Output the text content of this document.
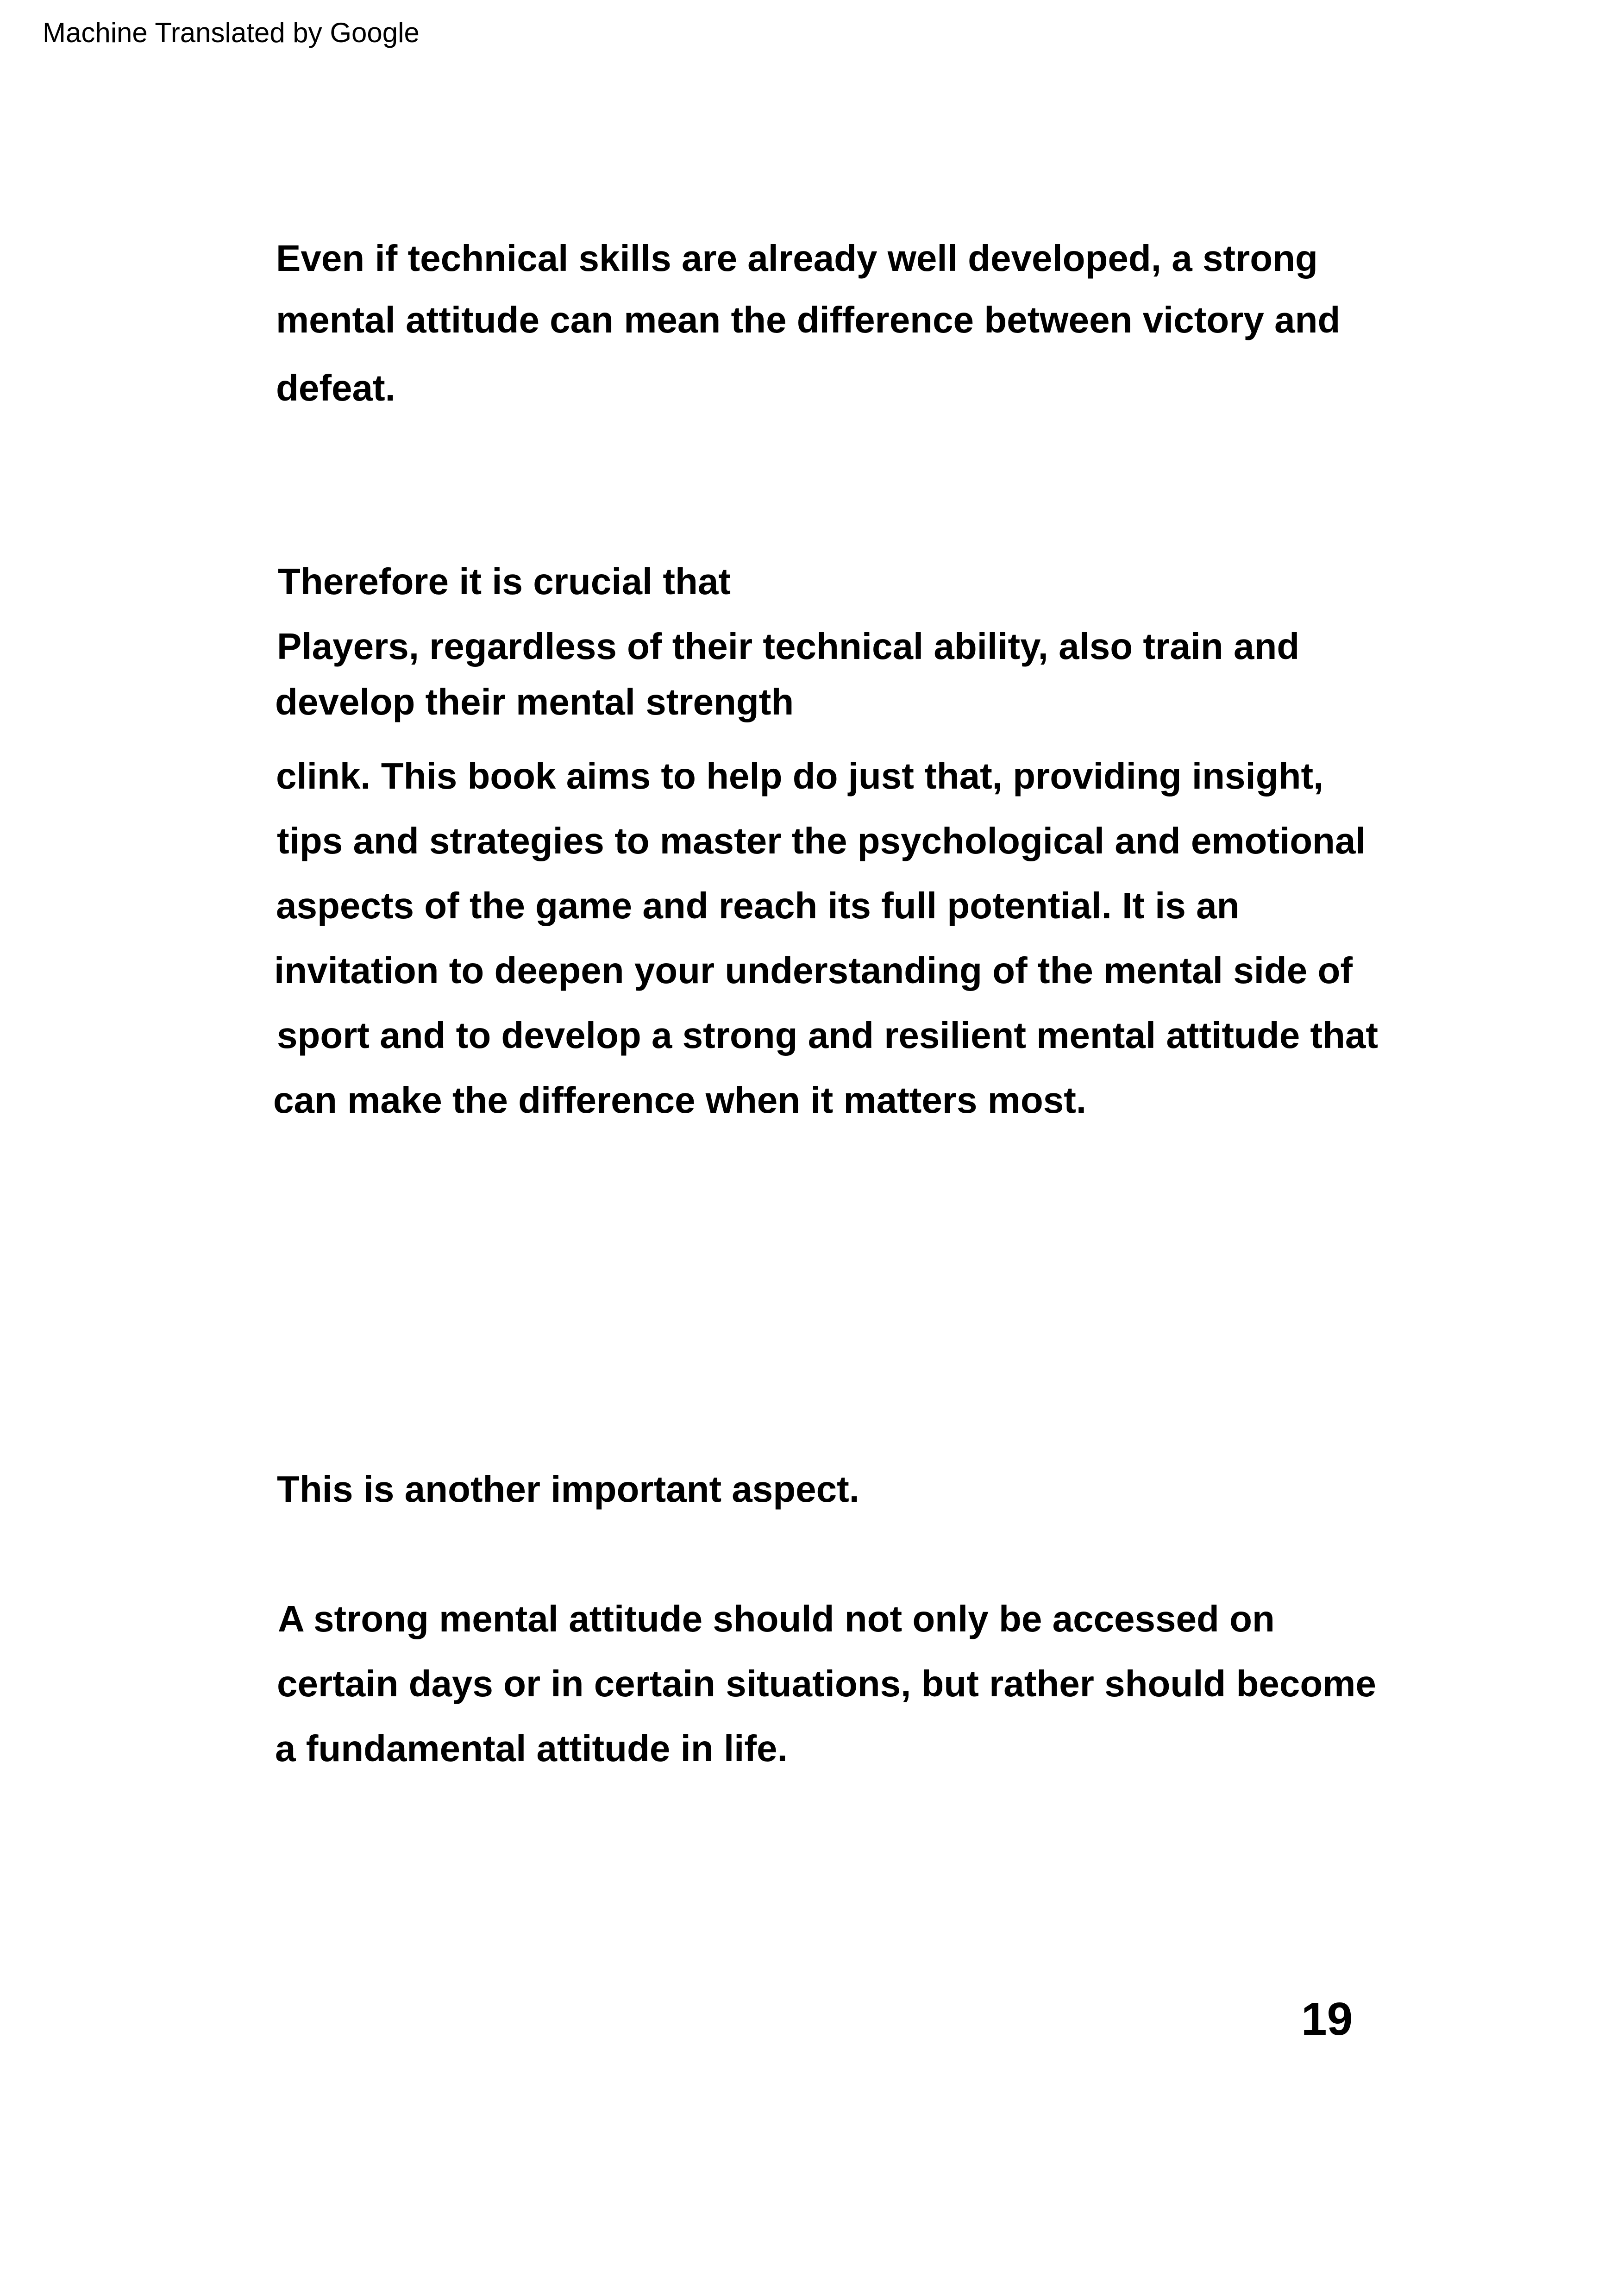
Machine Translated by Google
Even if technical skills are already well developed, a strong
mental attitude can mean the difference between victory and
defeat.
Therefore it is crucial that
Players, regardless of their technical ability, also train and
develop their mental strength
clink. This book aims to help do just that, providing insight,
tips and strategies to master the psychological and emotional
aspects of the game and reach its full potential. It is an
invitation to deepen your understanding of the mental side of
sport and to develop a strong and resilient mental attitude that
can make the difference when it matters most.
This is another important aspect.
A strong mental attitude should not only be accessed on
certain days or in certain situations, but rather should become
a fundamental attitude in life.
19
